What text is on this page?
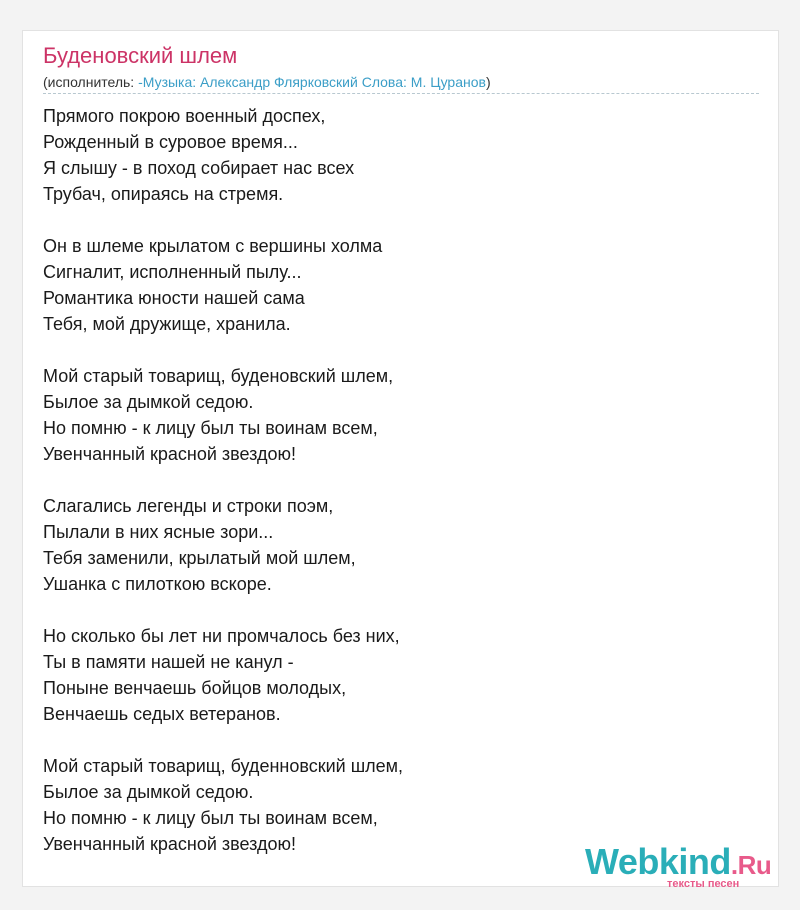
Буденовский шлем
(исполнитель: -Музыка: Александр Флярковский Слова: М. Цуранов)
Прямого покрою военный доспех,
Рожденный в суровое время...
Я слышу - в поход собирает нас всех
Трубач, опираясь на стремя.
Он в шлеме крылатом с вершины холма
Сигналит, исполненный пылу...
Романтика юности нашей сама
Тебя, мой дружище, хранила.
Мой старый товарищ, буденовский шлем,
Былое за дымкой седою.
Но помню - к лицу был ты воинам всем,
Увенчанный красной звездою!
Слагались легенды и строки поэм,
Пылали в них ясные зори...
Тебя заменили, крылатый мой шлем,
Ушанка с пилоткою вскоре.
Но сколько бы лет ни промчалось без них,
Ты в памяти нашей не канул -
Поныне венчаешь бойцов молодых,
Венчаешь седых ветеранов.
Мой старый товарищ, буденновский шлем,
Былое за дымкой седою.
Но помню - к лицу был ты воинам всем,
Увенчанный красной звездою!	Webkind.Ru
тексты песен
